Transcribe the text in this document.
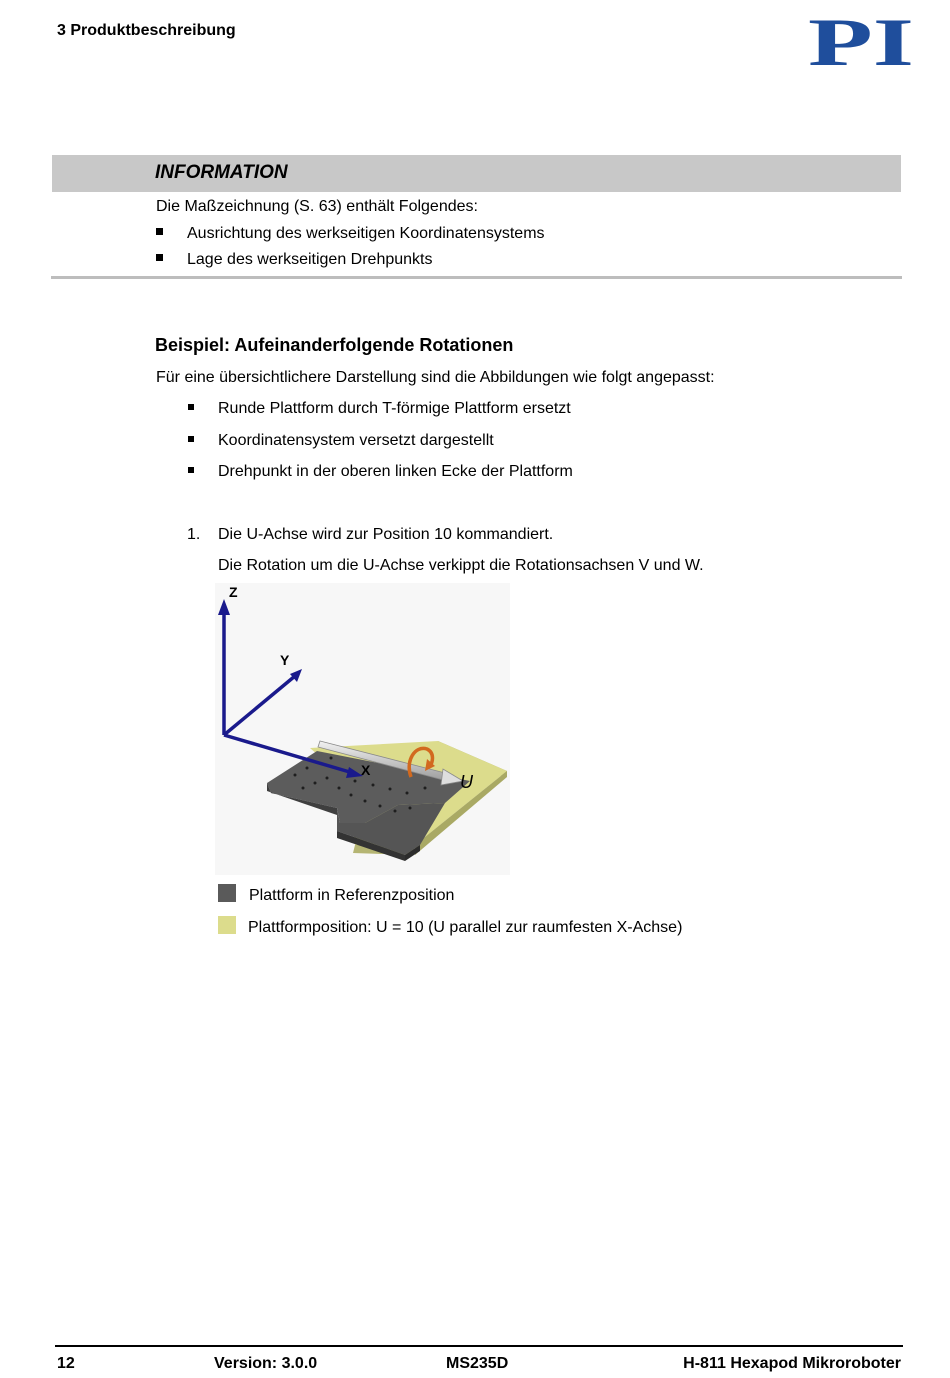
3 Produktbeschreibung	PI
INFORMATION
Die Maßzeichnung (S. 63) enthält Folgendes:
Ausrichtung des werkseitigen Koordinatensystems
Lage des werkseitigen Drehpunkts
Beispiel: Aufeinanderfolgende Rotationen
Für eine übersichtlichere Darstellung sind die Abbildungen wie folgt angepasst:
Runde Plattform durch T-förmige Plattform ersetzt
Koordinatensystem versetzt dargestellt
Drehpunkt in der oberen linken Ecke der Plattform
1. Die U-Achse wird zur Position 10 kommandiert.
Die Rotation um die U-Achse verkippt die Rotationsachsen V und W.
Z
Y
X
U
Plattform in Referenzposition
Plattformposition: U = 10 (U parallel zur raumfesten X-Achse)
12	Version: 3.0.0	MS235D	H-811 Hexapod Mikroroboter
